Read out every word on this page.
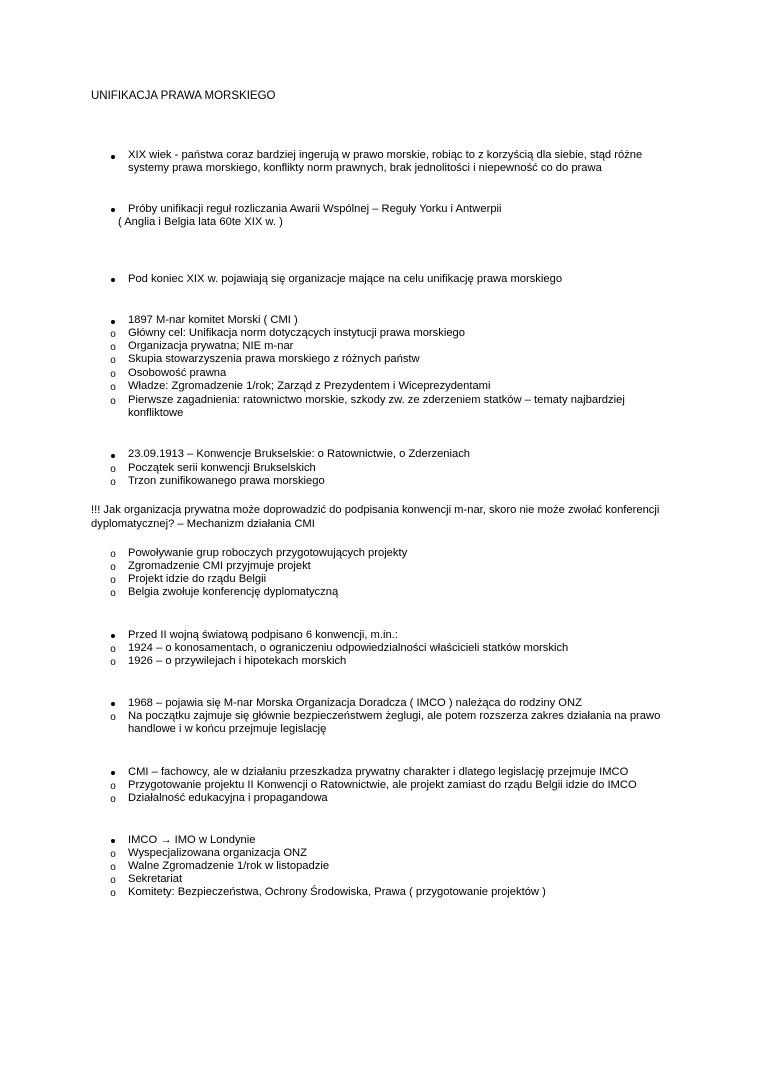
UNIFIKACJA PRAWA MORSKIEGO
XIX wiek - państwa coraz bardziej ingerują w prawo morskie, robiąc to z korzyścią dla siebie, stąd różne systemy prawa morskiego, konflikty norm prawnych, brak jednolitości i niepewność co do prawa
Próby unifikacji reguł rozliczania Awarii Wspólnej – Reguły Yorku i Antwerpii
( Anglia i Belgia lata 60te XIX w. )
Pod koniec XIX w. pojawiają się organizacje mające na celu unifikację prawa morskiego
1897 M-nar komitet Morski ( CMI )
o Główny cel: Unifikacja norm dotyczących instytucji prawa morskiego
o Organizacja prywatna; NIE m-nar
o Skupia stowarzyszenia prawa morskiego z różnych państw
o Osobowość prawna
o Władze: Zgromadzenie 1/rok; Zarząd z Prezydentem i Wiceprezydentami
o Pierwsze zagadnienia: ratownictwo morskie, szkody zw. ze zderzeniem statków – tematy najbardziej konfliktowe
23.09.1913 – Konwencje Brukselskie: o Ratownictwie, o Zderzeniach
o Początek serii konwencji Brukselskich
o Trzon zunifikowanego prawa morskiego
!!! Jak organizacja prywatna może doprowadzić do podpisania konwencji m-nar, skoro nie może zwołać konferencji dyplomatycznej? – Mechanizm działania CMI
o Powoływanie grup roboczych przygotowujących projekty
o Zgromadzenie CMI przyjmuje projekt
o Projekt idzie do rządu Belgii
o Belgia zwołuje konferencję dyplomatyczną
Przed II wojną światową podpisano 6 konwencji, m.in.:
o 1924 – o konosamentach, o ograniczeniu odpowiedzialności właścicieli statków morskich
o 1926 – o przywilejach i hipotekach morskich
1968 – pojawia się M-nar Morska Organizacja Doradcza ( IMCO ) należąca do rodziny ONZ
o Na początku zajmuje się głównie bezpieczeństwem żeglugi, ale potem rozszerza zakres działania na prawo handlowe i w końcu przejmuje legislację
CMI – fachowcy, ale w działaniu przeszkadza prywatny charakter i dlatego legislację przejmuje IMCO
o Przygotowanie projektu II Konwencji o Ratownictwie, ale projekt zamiast do rządu Belgii idzie do IMCO
o Działalność edukacyjna i propagandowa
IMCO → IMO w Londynie
o Wyspecjalizowana organizacja ONZ
o Walne Zgromadzenie 1/rok w listopadzie
o Sekretariat
o Komitety: Bezpieczeństwa, Ochrony Środowiska, Prawa ( przygotowanie projektów )
